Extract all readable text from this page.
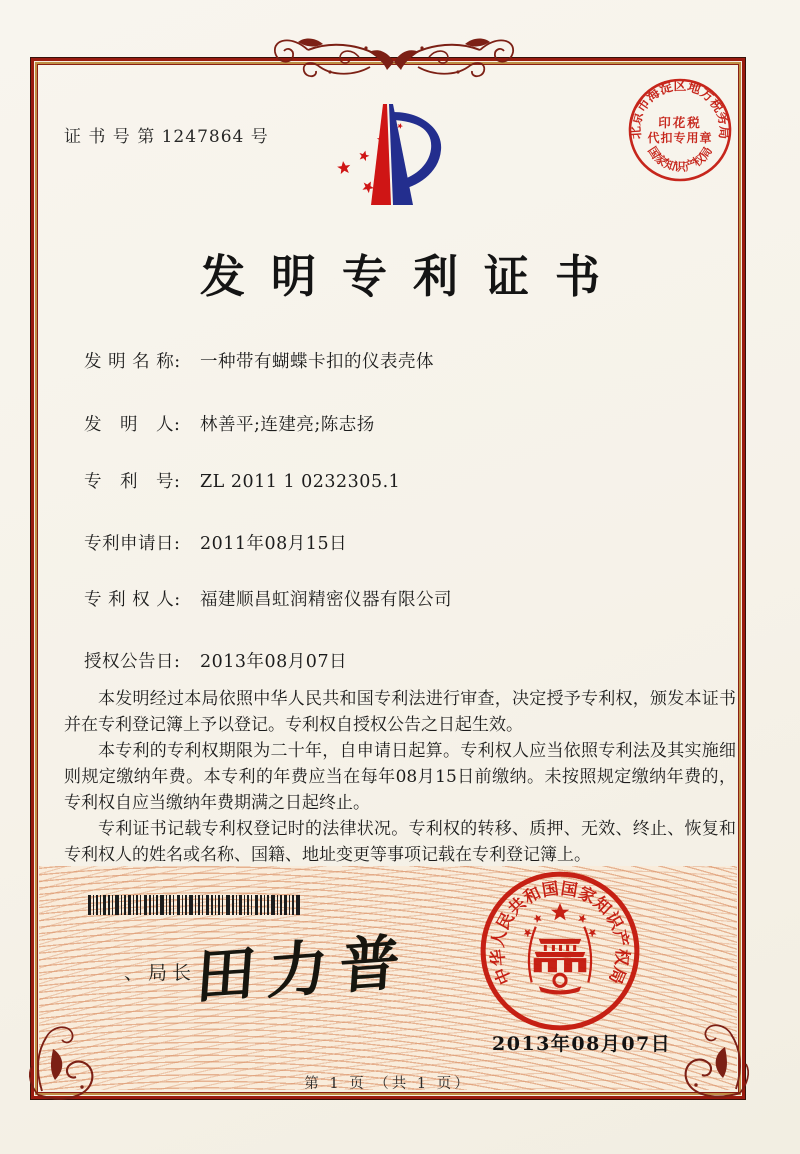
证 书 号 第 1247864 号	北京市海淀区地方税务局
印花税
代扣专用章
国家知识产权局
发明专利证书
发 明 名 称: 一种带有蝴蝶卡扣的仪表壳体
发　明　人: 林善平;连建亮;陈志扬
专　利　号: ZL 2011 1 0232305.1
专利申请日: 2011年08月15日
专 利 权 人: 福建顺昌虹润精密仪器有限公司
授权公告日: 2013年08月07日

本发明经过本局依照中华人民共和国专利法进行审查，决定授予专利权，颁发本证书并在专利登记簿上予以登记。专利权自授权公告之日起生效。

本专利的专利权期限为二十年，自申请日起算。专利权人应当依照专利法及其实施细则规定缴纳年费。本专利的年费应当在每年08月15日前缴纳。未按照规定缴纳年费的，专利权自应当缴纳年费期满之日起终止。

专利证书记载专利权登记时的法律状况。专利权的转移、质押、无效、终止、恢复和专利权人的姓名或名称、国籍、地址变更等事项记载在专利登记簿上。

、局长
田力普	中华人民共和国国家知识产权局
2013年08月07日
第 1 页 （共 1 页）
